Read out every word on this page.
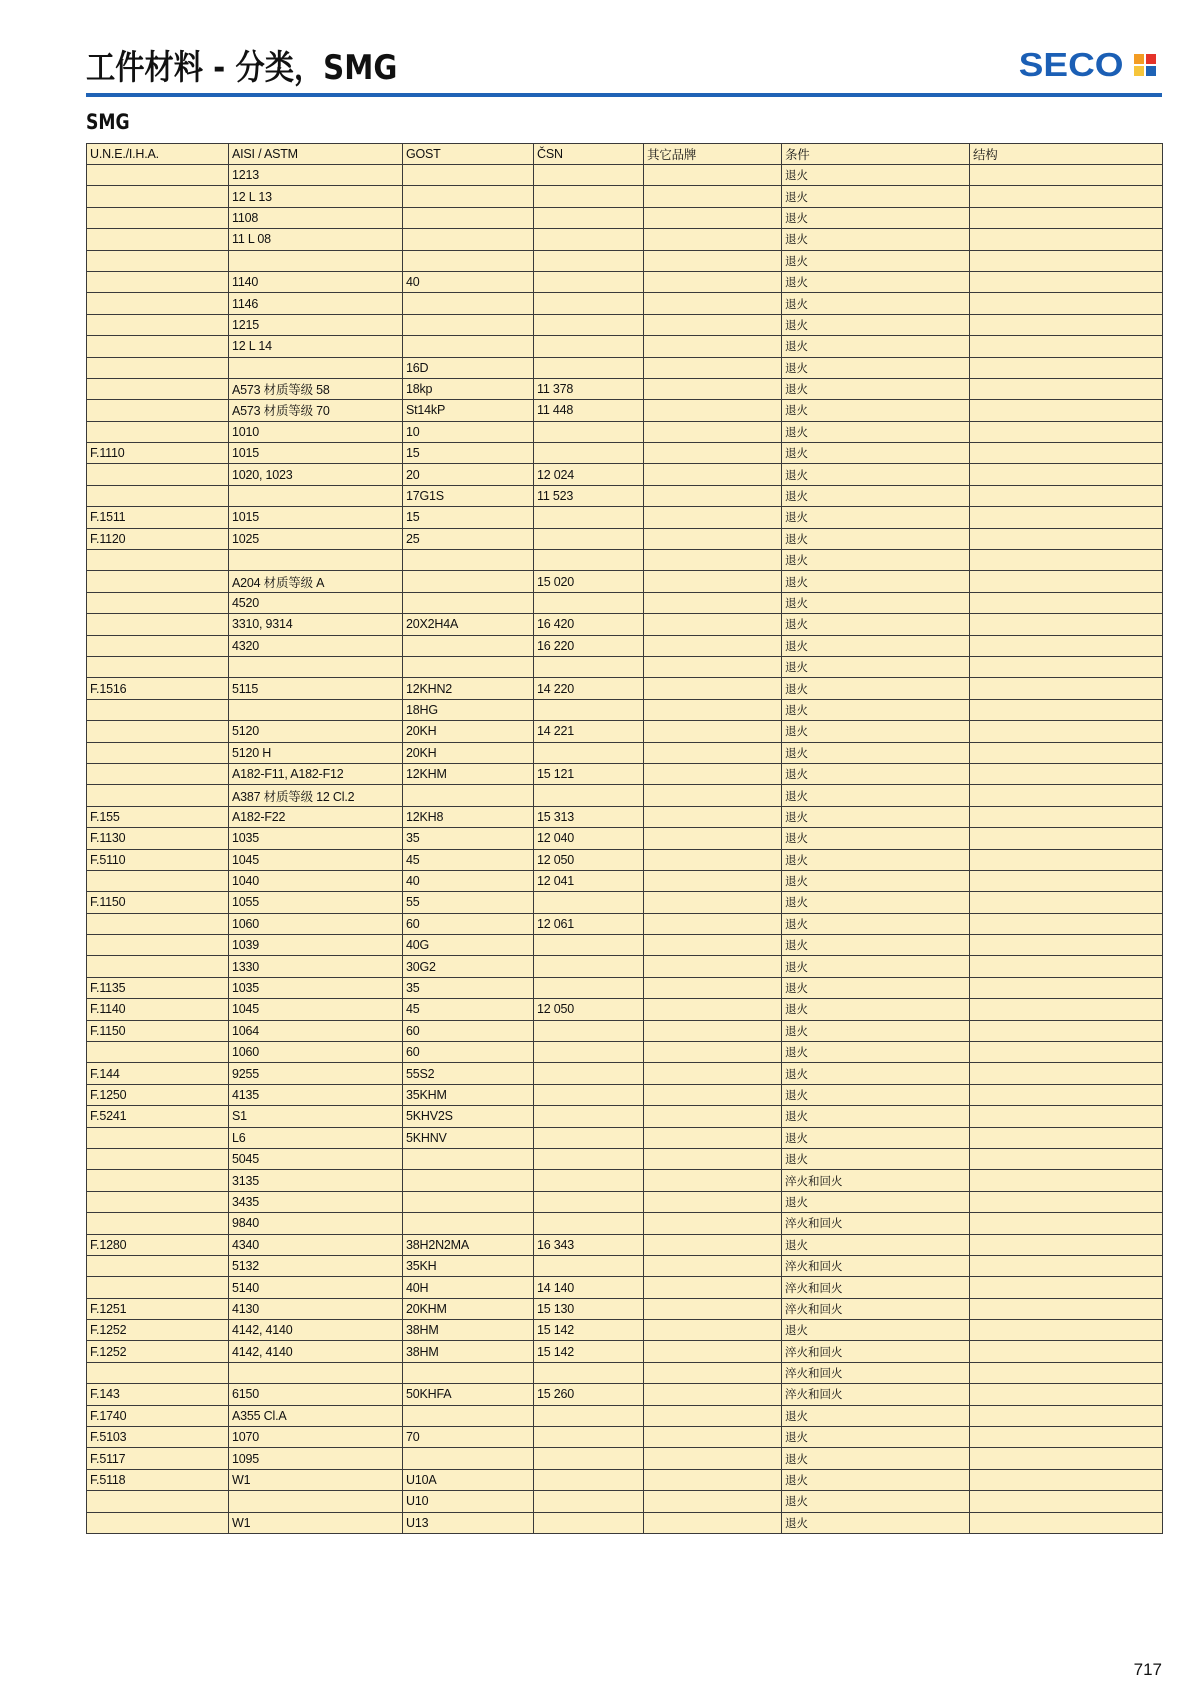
工件材料 - 分类，SMG	SECO
SMG
U.N.E./I.H.A.	AISI / ASTM	GOST	ČSN	其它品牌	条件	结构
	1213				退火	
	12 L 13				退火	
	1108				退火	
	11 L 08				退火	
					退火	
	1140	40			退火	
	1146				退火	
	1215				退火	
	12 L 14				退火	
		16D			退火	
	A573 材质等级 58	18kp	11 378		退火	
	A573 材质等级 70	St14kP	11 448		退火	
	1010	10			退火	
F.1110	1015	15			退火	
	1020, 1023	20	12 024		退火	
		17G1S	11 523		退火	
F.1511	1015	15			退火	
F.1120	1025	25			退火	
					退火	
	A204 材质等级 A		15 020		退火	
	4520				退火	
	3310, 9314	20X2H4A	16 420		退火	
	4320		16 220		退火	
					退火	
F.1516	5115	12KHN2	14 220		退火	
		18HG			退火	
	5120	20KH	14 221		退火	
	5120 H	20KH			退火	
	A182-F11, A182-F12	12KHM	15 121		退火	
	A387 材质等级 12 Cl.2				退火	
F.155	A182-F22	12KH8	15 313		退火	
F.1130	1035	35	12 040		退火	
F.5110	1045	45	12 050		退火	
	1040	40	12 041		退火	
F.1150	1055	55			退火	
	1060	60	12 061		退火	
	1039	40G			退火	
	1330	30G2			退火	
F.1135	1035	35			退火	
F.1140	1045	45	12 050		退火	
F.1150	1064	60			退火	
	1060	60			退火	
F.144	9255	55S2			退火	
F.1250	4135	35KHM			退火	
F.5241	S1	5KHV2S			退火	
	L6	5KHNV			退火	
	5045				退火	
	3135				淬火和回火	
	3435				退火	
	9840				淬火和回火	
F.1280	4340	38H2N2MA	16 343		退火	
	5132	35KH			淬火和回火	
	5140	40H	14 140		淬火和回火	
F.1251	4130	20KHM	15 130		淬火和回火	
F.1252	4142, 4140	38HM	15 142		退火	
F.1252	4142, 4140	38HM	15 142		淬火和回火	
					淬火和回火	
F.143	6150	50KHFA	15 260		淬火和回火	
F.1740	A355 Cl.A				退火	
F.5103	1070	70			退火	
F.5117	1095				退火	
F.5118	W1	U10A			退火	
		U10			退火	
	W1	U13			退火	
717
